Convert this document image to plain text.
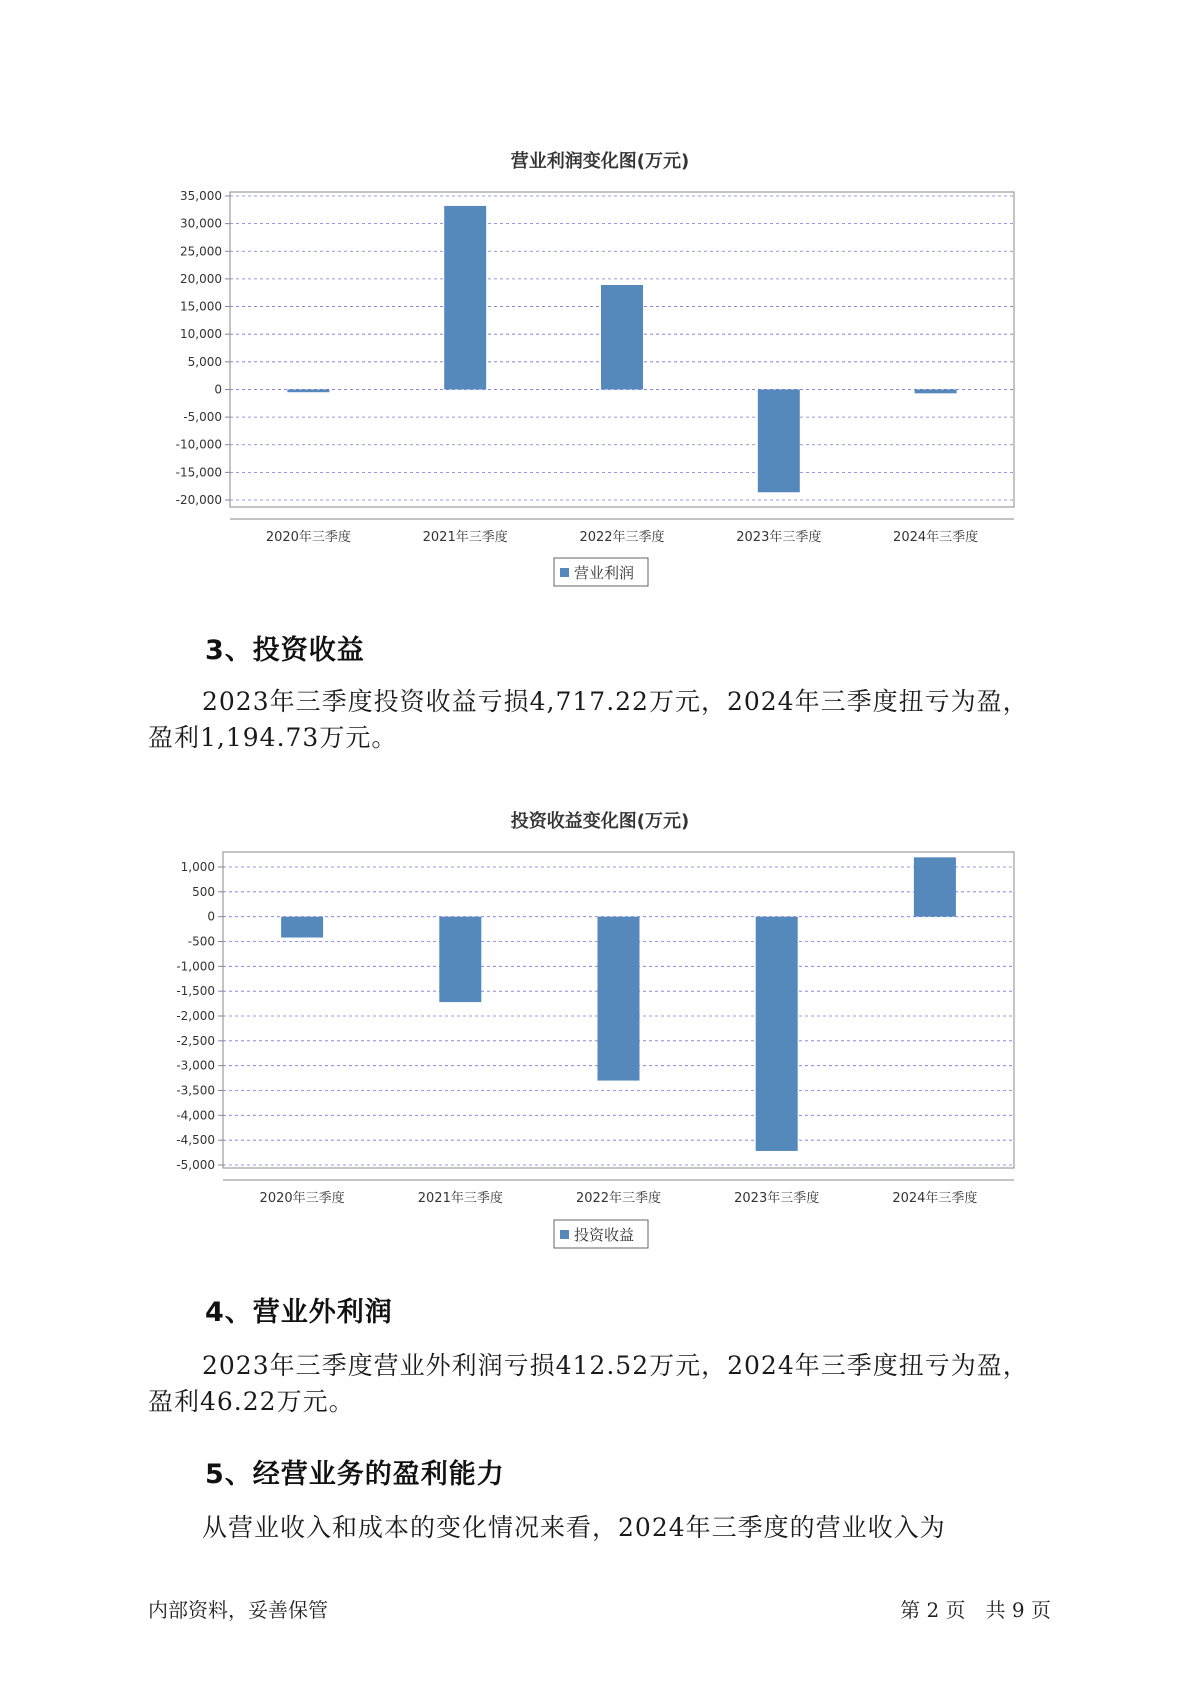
营业利润变化图(万元)
35,000
30,000
25,000
20,000
15,000
10,000
5,000
0
-5,000
-10,000
-15,000
-20,000
2020年三季度	2021年三季度	2022年三季度	2023年三季度	2024年三季度
营业利润
3、投资收益
2023年三季度投资收益亏损4,717.22万元，2024年三季度扭亏为盈，盈利1,194.73万元。
投资收益变化图(万元)
1,000
500
0
-500
-1,000
-1,500
-2,000
-2,500
-3,000
-3,500
-4,000
-4,500
-5,000
2020年三季度	2021年三季度	2022年三季度	2023年三季度	2024年三季度
投资收益
4、营业外利润
2023年三季度营业外利润亏损412.52万元，2024年三季度扭亏为盈，盈利46.22万元。
5、经营业务的盈利能力
从营业收入和成本的变化情况来看，2024年三季度的营业收入为
内部资料，妥善保管	第 2 页　共 9 页
